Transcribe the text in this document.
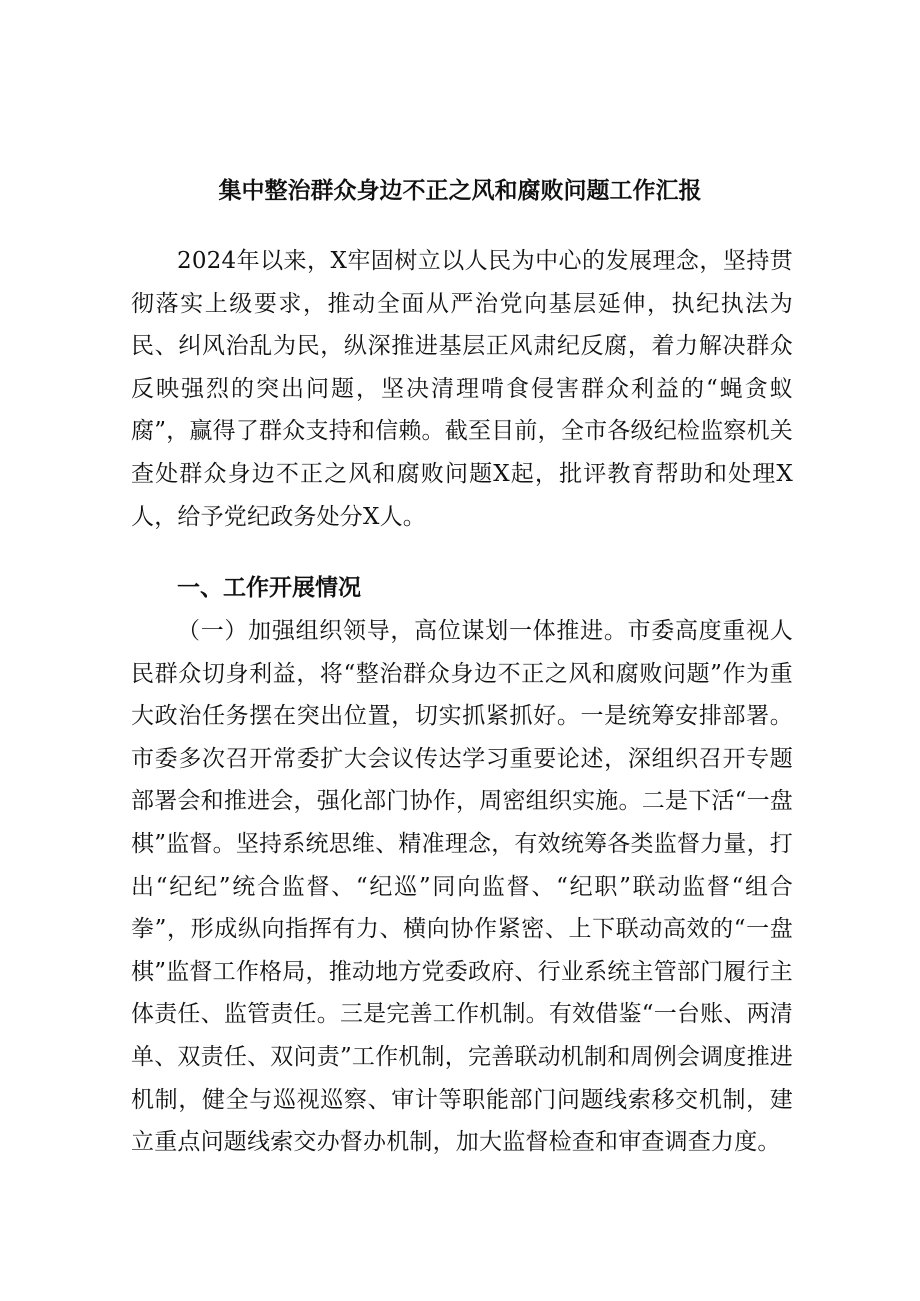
集中整治群众身边不正之风和腐败问题工作汇报

2024年以来，X牢固树立以人民为中心的发展理念，坚持贯彻落实上级要求，推动全面从严治党向基层延伸，执纪执法为民、纠风治乱为民，纵深推进基层正风肃纪反腐，着力解决群众反映强烈的突出问题，坚决清理啃食侵害群众利益的“蝇贪蚁腐”，赢得了群众支持和信赖。截至目前，全市各级纪检监察机关查处群众身边不正之风和腐败问题X起，批评教育帮助和处理X人，给予党纪政务处分X人。

一、工作开展情况

（一）加强组织领导，高位谋划一体推进。市委高度重视人民群众切身利益，将“整治群众身边不正之风和腐败问题”作为重大政治任务摆在突出位置，切实抓紧抓好。一是统筹安排部署。市委多次召开常委扩大会议传达学习重要论述，深组织召开专题部署会和推进会，强化部门协作，周密组织实施。二是下活“一盘棋”监督。坚持系统思维、精准理念，有效统筹各类监督力量，打出“纪纪”统合监督、“纪巡”同向监督、“纪职”联动监督“组合拳”，形成纵向指挥有力、横向协作紧密、上下联动高效的“一盘棋”监督工作格局，推动地方党委政府、行业系统主管部门履行主体责任、监管责任。三是完善工作机制。有效借鉴“一台账、两清单、双责任、双问责”工作机制，完善联动机制和周例会调度推进机制，健全与巡视巡察、审计等职能部门问题线索移交机制，建立重点问题线索交办督办机制，加大监督检查和审查调查力度。
